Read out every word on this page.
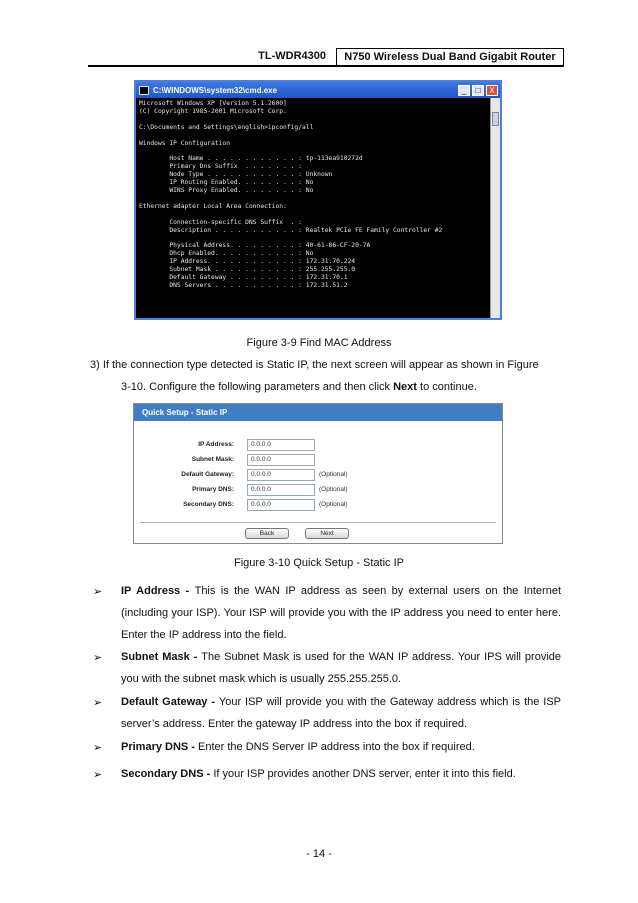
TL-WDR4300	N750 Wireless Dual Band Gigabit Router
C:\WINDOWS\system32\cmd.exe	_	□	X
Microsoft Windows XP [Version 5.1.2600]
(C) Copyright 1985-2001 Microsoft Corp.

C:\Documents and Settings\english>ipconfig/all

Windows IP Configuration

Host Name . . . . . . . . . . . . : tp-113ea910272d
Primary Dns Suffix  . . . . . . . :
Node Type . . . . . . . . . . . . : Unknown
IP Routing Enabled. . . . . . . . : No
WINS Proxy Enabled. . . . . . . . : No

Ethernet adapter Local Area Connection:

Connection-specific DNS Suffix  . :
Description . . . . . . . . . . . : Realtek PCIe FE Family Controller #2

Physical Address. . . . . . . . . : 40-61-86-CF-20-7A
Dhcp Enabled. . . . . . . . . . . : No
IP Address. . . . . . . . . . . . : 172.31.70.224
Subnet Mask . . . . . . . . . . . : 255.255.255.0
Default Gateway . . . . . . . . . : 172.31.70.1
DNS Servers . . . . . . . . . . . : 172.31.51.2
Figure 3-9 Find MAC Address
3) If the connection type detected is Static IP, the next screen will appear as shown in Figure
3-10. Configure the following parameters and then click Next to continue.
Quick Setup - Static IP
IP Address:	0.0.0.0
Subnet Mask:	0.0.0.0
Default Gateway:	0.0.0.0	(Optional)
Primary DNS:	0.0.0.0	(Optional)
Secondary DNS:	0.0.0.0	(Optional)
Back	Next
Figure 3-10 Quick Setup - Static IP
➢ IP Address - This is the WAN IP address as seen by external users on the Internet (including your ISP). Your ISP will provide you with the IP address you need to enter here. Enter the IP address into the field.
➢ Subnet Mask - The Subnet Mask is used for the WAN IP address. Your IPS will provide you with the subnet mask which is usually 255.255.255.0.
➢ Default Gateway - Your ISP will provide you with the Gateway address which is the ISP server’s address. Enter the gateway IP address into the box if required.
➢ Primary DNS - Enter the DNS Server IP address into the box if required.
➢ Secondary DNS - If your ISP provides another DNS server, enter it into this field.
- 14 -
